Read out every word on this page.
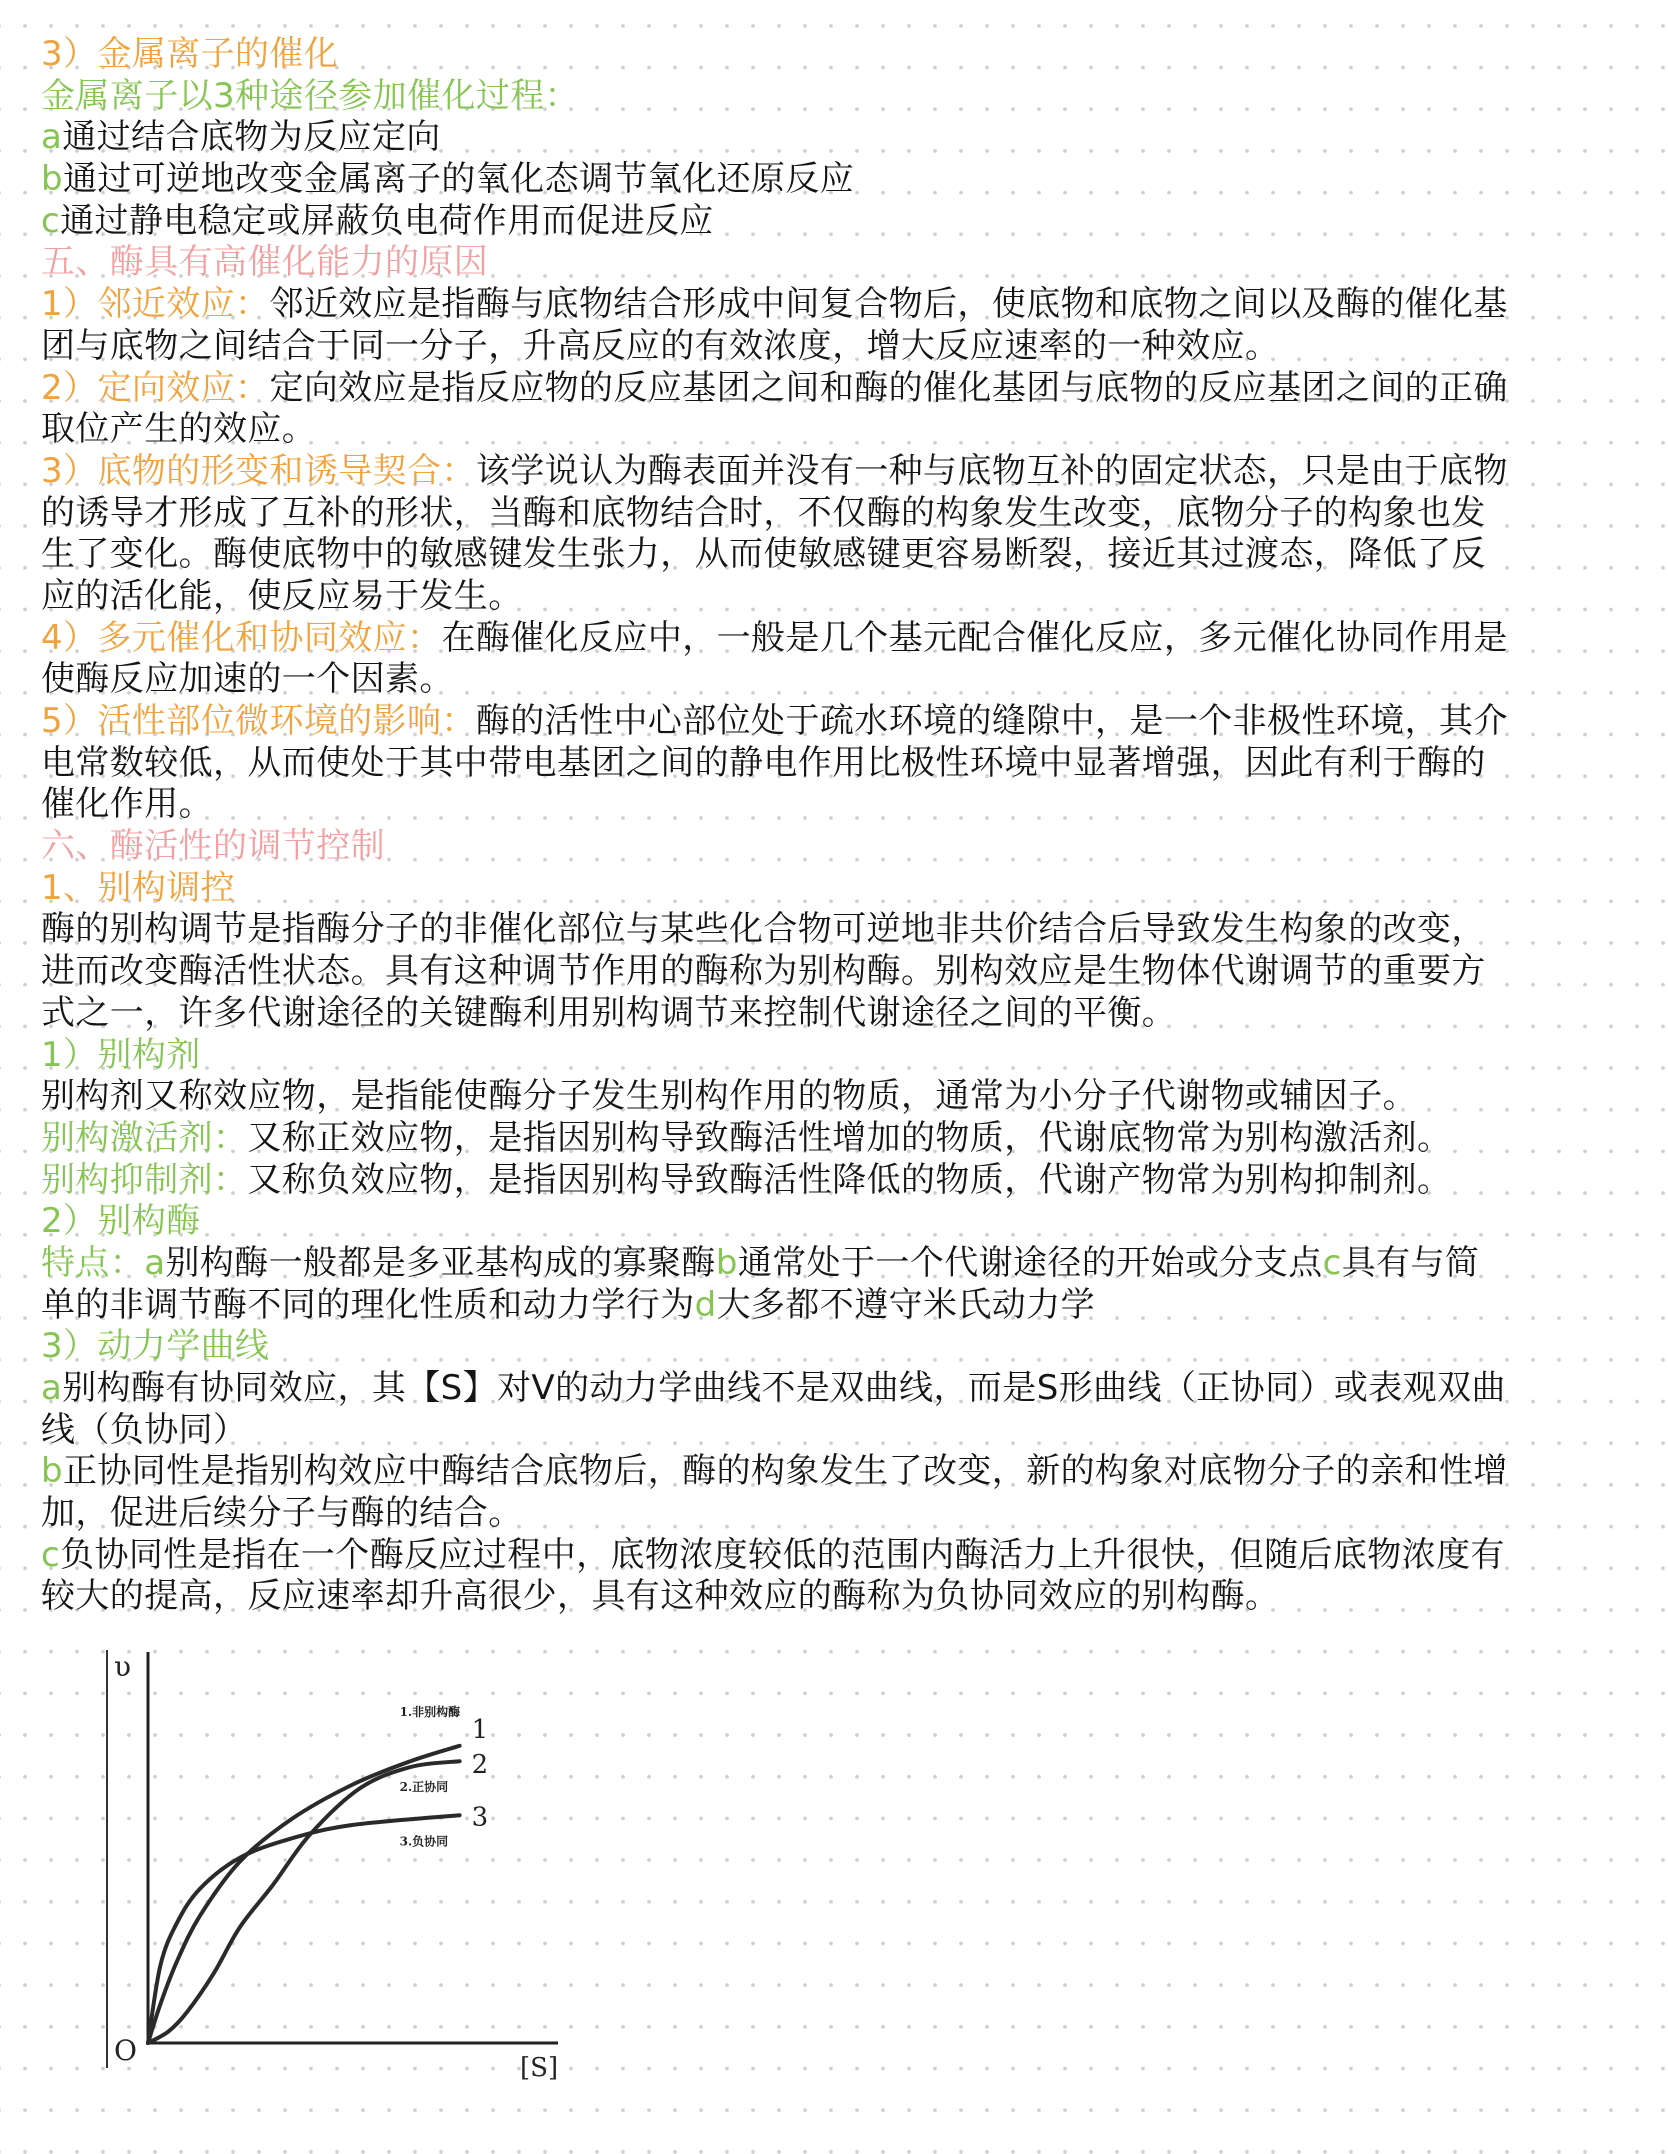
3）金属离子的催化
金属离子以3种途径参加催化过程：
a通过结合底物为反应定向
b通过可逆地改变金属离子的氧化态调节氧化还原反应
c通过静电稳定或屏蔽负电荷作用而促进反应
五、酶具有高催化能力的原因
1）邻近效应：邻近效应是指酶与底物结合形成中间复合物后，使底物和底物之间以及酶的催化基
团与底物之间结合于同一分子，升高反应的有效浓度，增大反应速率的一种效应。
2）定向效应：定向效应是指反应物的反应基团之间和酶的催化基团与底物的反应基团之间的正确
取位产生的效应。
3）底物的形变和诱导契合：该学说认为酶表面并没有一种与底物互补的固定状态，只是由于底物
的诱导才形成了互补的形状，当酶和底物结合时，不仅酶的构象发生改变，底物分子的构象也发
生了变化。酶使底物中的敏感键发生张力，从而使敏感键更容易断裂，接近其过渡态，降低了反
应的活化能，使反应易于发生。
4）多元催化和协同效应：在酶催化反应中，一般是几个基元配合催化反应，多元催化协同作用是
使酶反应加速的一个因素。
5）活性部位微环境的影响：酶的活性中心部位处于疏水环境的缝隙中，是一个非极性环境，其介
电常数较低，从而使处于其中带电基团之间的静电作用比极性环境中显著增强，因此有利于酶的
催化作用。
六、酶活性的调节控制
1、别构调控
酶的别构调节是指酶分子的非催化部位与某些化合物可逆地非共价结合后导致发生构象的改变，
进而改变酶活性状态。具有这种调节作用的酶称为别构酶。别构效应是生物体代谢调节的重要方
式之一，许多代谢途径的关键酶利用别构调节来控制代谢途径之间的平衡。
1）别构剂
别构剂又称效应物，是指能使酶分子发生别构作用的物质，通常为小分子代谢物或辅因子。
别构激活剂：又称正效应物，是指因别构导致酶活性增加的物质，代谢底物常为别构激活剂。
别构抑制剂：又称负效应物，是指因别构导致酶活性降低的物质，代谢产物常为别构抑制剂。
2）别构酶
特点：a别构酶一般都是多亚基构成的寡聚酶b通常处于一个代谢途径的开始或分支点c具有与简
单的非调节酶不同的理化性质和动力学行为d大多都不遵守米氏动力学
3）动力学曲线
a别构酶有协同效应，其【S】对V的动力学曲线不是双曲线，而是S形曲线（正协同）或表观双曲
线（负协同）
b正协同性是指别构效应中酶结合底物后，酶的构象发生了改变，新的构象对底物分子的亲和性增
加，促进后续分子与酶的结合。
c负协同性是指在一个酶反应过程中，底物浓度较低的范围内酶活力上升很快，但随后底物浓度有
较大的提高，反应速率却升高很少，具有这种效应的酶称为负协同效应的别构酶。
1
1.非别构酶
2
2.正协同
3
3.负协同
υ
O
[S]
